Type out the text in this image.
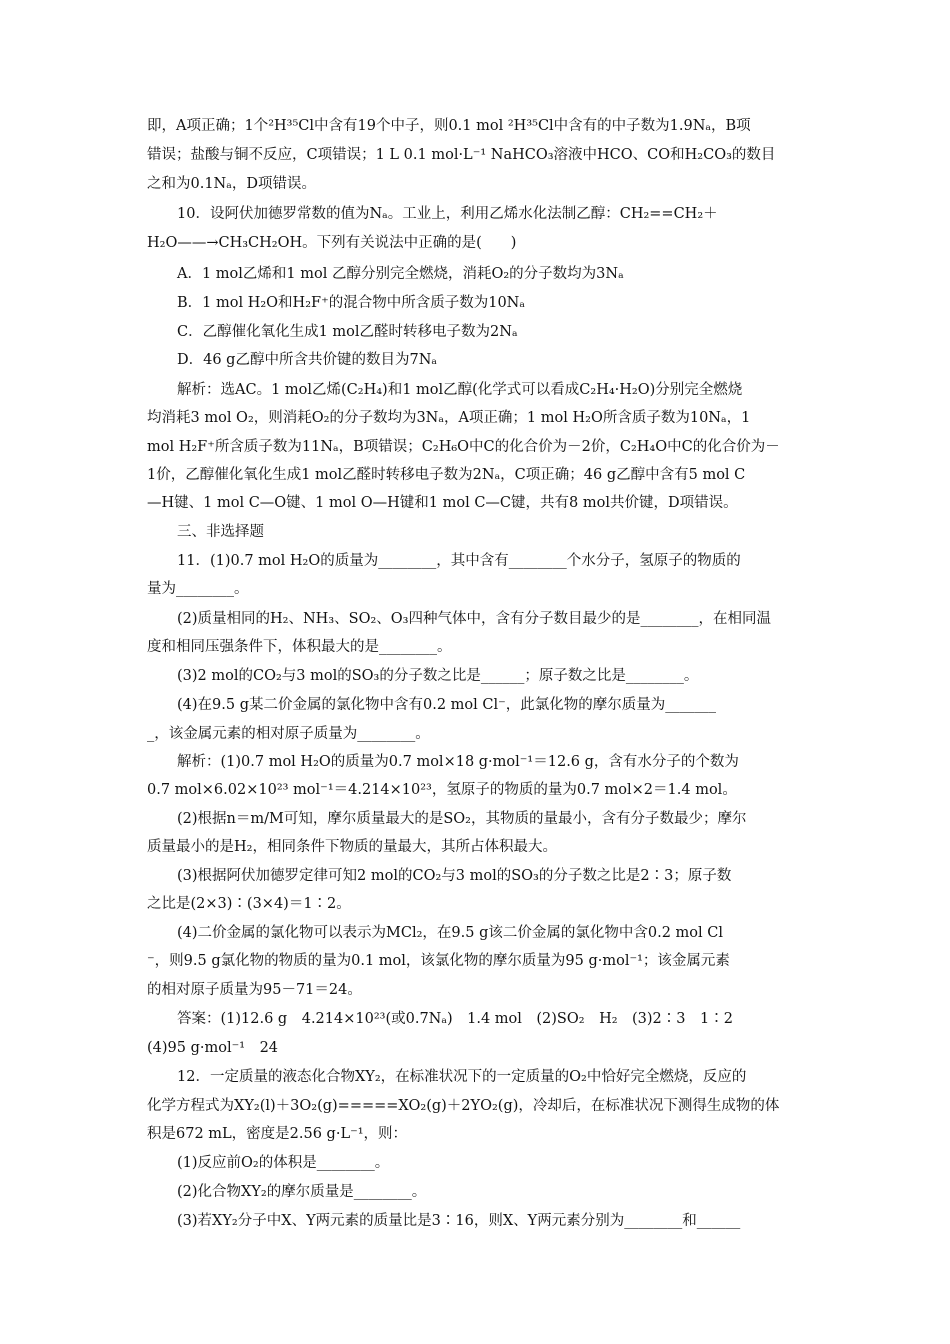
即，A项正确；1个²H³⁵Cl中含有19个中子，则0.1 mol ²H³⁵Cl中含有的中子数为1.9Nₐ，B项
错误；盐酸与铜不反应，C项错误；1 L 0.1 mol·L⁻¹ NaHCO₃溶液中HCO、CO和H₂CO₃的数目
之和为0.1Nₐ，D项错误。
10．设阿伏加德罗常数的值为Nₐ。工业上，利用乙烯水化法制乙醇：CH₂==CH₂＋
H₂O——→CH₃CH₂OH。下列有关说法中正确的是(　　)
A．1 mol乙烯和1 mol 乙醇分别完全燃烧，消耗O₂的分子数均为3Nₐ
B．1 mol H₂O和H₂F⁺的混合物中所含质子数为10Nₐ
C．乙醇催化氧化生成1 mol乙醛时转移电子数为2Nₐ
D．46 g乙醇中所含共价键的数目为7Nₐ
解析：选AC。1 mol乙烯(C₂H₄)和1 mol乙醇(化学式可以看成C₂H₄·H₂O)分别完全燃烧
均消耗3 mol O₂，则消耗O₂的分子数均为3Nₐ，A项正确；1 mol H₂O所含质子数为10Nₐ，1
mol H₂F⁺所含质子数为11Nₐ，B项错误；C₂H₆O中C的化合价为－2价，C₂H₄O中C的化合价为－
1价，乙醇催化氧化生成1 mol乙醛时转移电子数为2Nₐ，C项正确；46 g乙醇中含有5 mol C
—H键、1 mol C—O键、1 mol O—H键和1 mol C—C键，共有8 mol共价键，D项错误。
三、非选择题
11．(1)0.7 mol H₂O的质量为________，其中含有________个水分子，氢原子的物质的
量为________。
(2)质量相同的H₂、NH₃、SO₂、O₃四种气体中，含有分子数目最少的是________，在相同温
度和相同压强条件下，体积最大的是________。
(3)2 mol的CO₂与3 mol的SO₃的分子数之比是______；原子数之比是________。
(4)在9.5 g某二价金属的氯化物中含有0.2 mol Cl⁻，此氯化物的摩尔质量为_______
_，该金属元素的相对原子质量为________。
解析：(1)0.7 mol H₂O的质量为0.7 mol×18 g·mol⁻¹＝12.6 g，含有水分子的个数为
0.7 mol×6.02×10²³ mol⁻¹＝4.214×10²³，氢原子的物质的量为0.7 mol×2＝1.4 mol。
(2)根据n＝m/M可知，摩尔质量最大的是SO₂，其物质的量最小，含有分子数最少；摩尔
质量最小的是H₂，相同条件下物质的量最大，其所占体积最大。
(3)根据阿伏加德罗定律可知2 mol的CO₂与3 mol的SO₃的分子数之比是2∶3；原子数
之比是(2×3)∶(3×4)＝1∶2。
(4)二价金属的氯化物可以表示为MCl₂，在9.5 g该二价金属的氯化物中含0.2 mol Cl
⁻，则9.5 g氯化物的物质的量为0.1 mol，该氯化物的摩尔质量为95 g·mol⁻¹；该金属元素
的相对原子质量为95－71＝24。
答案：(1)12.6 g　4.214×10²³(或0.7Nₐ)　1.4 mol　(2)SO₂　H₂　(3)2∶3　1∶2
(4)95 g·mol⁻¹　24
12．一定质量的液态化合物XY₂，在标准状况下的一定质量的O₂中恰好完全燃烧，反应的
化学方程式为XY₂(l)＋3O₂(g)=====XO₂(g)＋2YO₂(g)，冷却后，在标准状况下测得生成物的体
积是672 mL，密度是2.56 g·L⁻¹，则：
(1)反应前O₂的体积是________。
(2)化合物XY₂的摩尔质量是________。
(3)若XY₂分子中X、Y两元素的质量比是3∶16，则X、Y两元素分别为________和______
